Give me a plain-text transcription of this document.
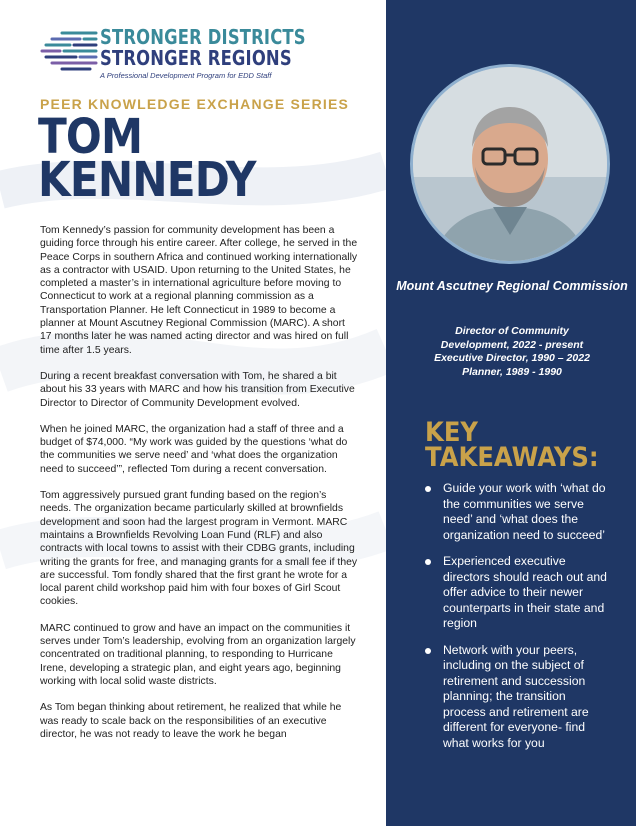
STRONGER DISTRICTS
STRONGER REGIONS
A Professional Development Program for EDD Staff
PEER KNOWLEDGE EXCHANGE SERIES
TOM
KENNEDY

Tom Kennedy’s passion for community development has been a guiding force through his entire career. After college, he served in the Peace Corps in southern Africa and continued working internationally as a contractor with USAID. Upon returning to the United States, he completed a master’s in international agriculture before moving to Connecticut to work at a regional planning commission as a Transportation Planner. He left Connecticut in 1989 to become a planner at Mount Ascutney Regional Commission (MARC). A short 17 months later he was named acting director and was hired on full time after 1.5 years.

During a recent breakfast conversation with Tom, he shared a bit about his 33 years with MARC and how his transition from Executive Director to Director of Community Development evolved.

When he joined MARC, the organization had a staff of three and a budget of $74,000. “My work was guided by the questions ‘what do the communities we serve need’ and ‘what does the organization need to succeed’”, reflected Tom during a recent conversation.

Tom aggressively pursued grant funding based on the region’s needs. The organization became particularly skilled at brownfields development and soon had the largest program in Vermont. MARC maintains a Brownfields Revolving Loan Fund (RLF) and also contracts with local towns to assist with their CDBG grants, including writing the grants for free, and managing grants for a small fee if they are successful. Tom fondly shared that the first grant he wrote for a local parent child workshop paid him with four boxes of Girl Scout cookies.

MARC continued to grow and have an impact on the communities it serves under Tom’s leadership, evolving from an organization largely concentrated on traditional planning, to responding to Hurricane Irene, developing a strategic plan, and eight years ago, beginning working with local solid waste districts.

As Tom began thinking about retirement, he realized that while he was ready to scale back on the responsibilities of an executive director, he was not ready to leave the work he began

Mount Ascutney Regional Commission
Director of Community
Development, 2022 - present
Executive Director, 1990 – 2022
Planner, 1989 - 1990
KEY
TAKEAWAYS:
Guide your work with ‘what do the communities we serve need’ and ‘what does the organization need to succeed’
Experienced executive directors should reach out and offer advice to their newer counterparts in their state and region
Network with your peers, including on the subject of retirement and succession planning; the transition process and retirement are different for everyone- find what works for you
